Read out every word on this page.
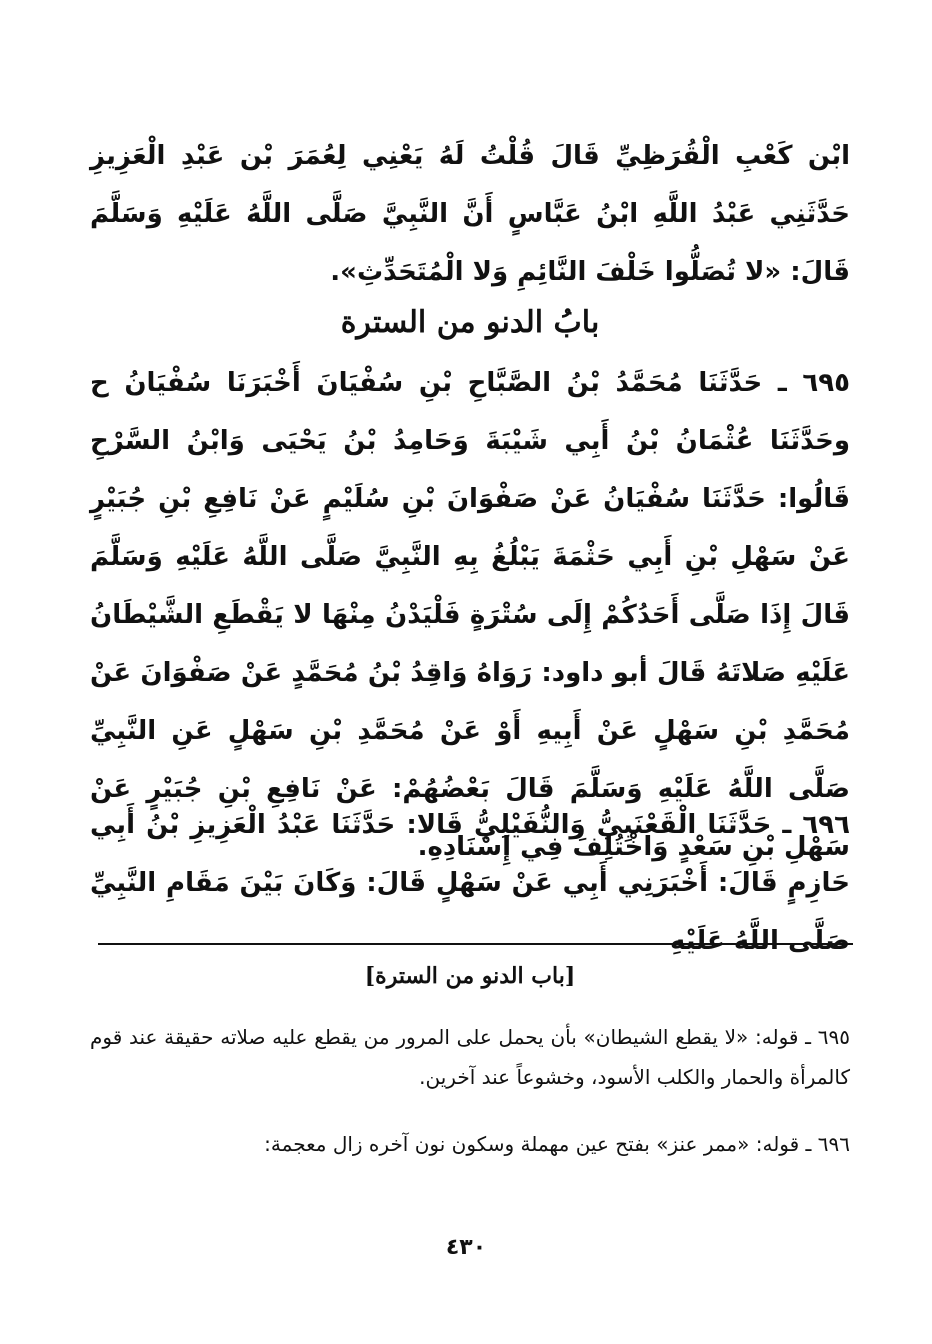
ابْن كَعْبِ الْقُرَظِيِّ قَالَ قُلْتُ لَهُ يَعْنِي لِعُمَرَ بْن عَبْدِ الْعَزِيزِ حَدَّثَنِي عَبْدُ اللَّهِ ابْنُ عَبَّاسٍ أَنَّ النَّبِيَّ صَلَّى اللَّهُ عَلَيْهِ وَسَلَّمَ قَالَ: «لا تُصَلُّوا خَلْفَ النَّائِمِ وَلا الْمُتَحَدِّثِ».
بابُ الدنو من السترة
٦٩٥ ـ حَدَّثَنَا مُحَمَّدُ بْنُ الصَّبَّاحِ بْنِ سُفْيَانَ أَخْبَرَنَا سُفْيَانُ ح وحَدَّثَنَا عُثْمَانُ بْنُ أَبِي شَيْبَةَ وَحَامِدُ بْنُ يَحْيَى وَابْنُ السَّرْحِ قَالُوا: حَدَّثَنَا سُفْيَانُ عَنْ صَفْوَانَ بْنِ سُلَيْمٍ عَنْ نَافِعِ بْنِ جُبَيْرٍ عَنْ سَهْلِ بْنِ أَبِي حَثْمَةَ يَبْلُغُ بِهِ النَّبِيَّ صَلَّى اللَّهُ عَلَيْهِ وَسَلَّمَ قَالَ إِذَا صَلَّى أَحَدُكُمْ إِلَى سُتْرَةٍ فَلْيَدْنُ مِنْهَا لا يَقْطَعِ الشَّيْطَانُ عَلَيْهِ صَلاتَهُ قَالَ أبو داود: رَوَاهُ وَاقِدُ بْنُ مُحَمَّدٍ عَنْ صَفْوَانَ عَنْ مُحَمَّدِ بْنِ سَهْلٍ عَنْ أَبِيهِ أَوْ عَنْ مُحَمَّدِ بْنِ سَهْلٍ عَنِ النَّبِيِّ صَلَّى اللَّهُ عَلَيْهِ وَسَلَّمَ قَالَ بَعْضُهُمْ: عَنْ نَافِعِ بْنِ جُبَيْرٍ عَنْ سَهْلِ بْنِ سَعْدٍ وَاخْتُلِفَ فِي إِسْنَادِهِ.
٦٩٦ ـ حَدَّثَنَا الْقَعْنَبِيُّ وَالنُّفَيْلِيُّ قَالا: حَدَّثَنَا عَبْدُ الْعَزِيزِ بْنُ أَبِي حَازِمٍ قَالَ: أَخْبَرَنِي أَبِي عَنْ سَهْلٍ قَالَ: وَكَانَ بَيْنَ مَقَامِ النَّبِيِّ صَلَّى اللَّهُ عَلَيْهِ
[باب الدنو من السترة]
٦٩٥ ـ قوله: «لا يقطع الشيطان» بأن يحمل على المرور من يقطع عليه صلاته حقيقة عند قوم كالمرأة والحمار والكلب الأسود، وخشوعاً عند آخرين.
٦٩٦ ـ قوله: «ممر عنز» بفتح عين مهملة وسكون نون آخره زال معجمة:
٤٣٠
